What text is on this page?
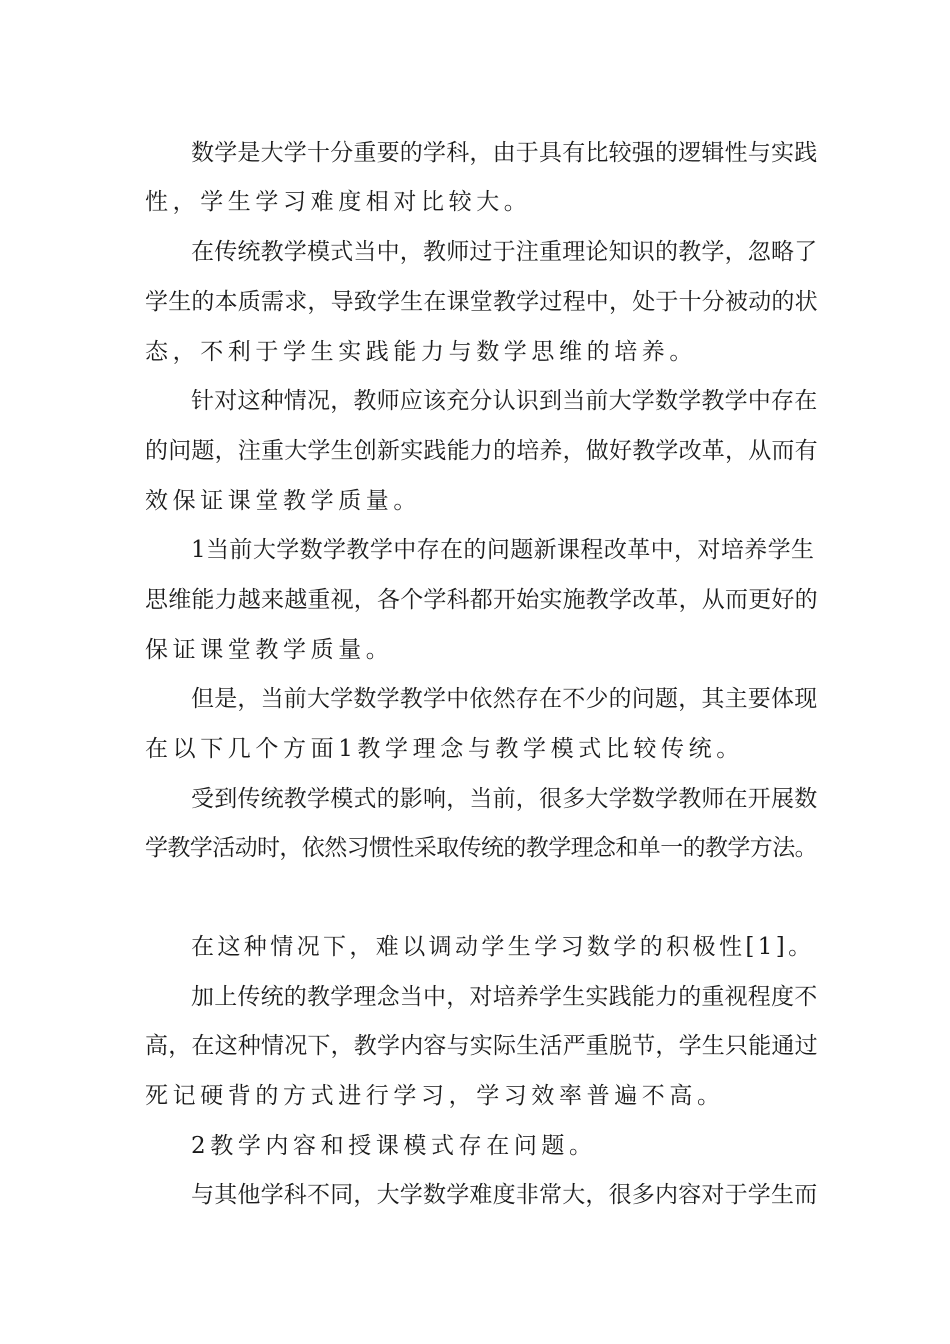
数学是大学十分重要的学科，由于具有比较强的逻辑性与实践

性，学生学习难度相对比较大。

在传统教学模式当中，教师过于注重理论知识的教学，忽略了

学生的本质需求，导致学生在课堂教学过程中，处于十分被动的状

态，不利于学生实践能力与数学思维的培养。

针对这种情况，教师应该充分认识到当前大学数学教学中存在

的问题，注重大学生创新实践能力的培养，做好教学改革，从而有

效保证课堂教学质量。

1当前大学数学教学中存在的问题新课程改革中，对培养学生

思维能力越来越重视，各个学科都开始实施教学改革，从而更好的

保证课堂教学质量。

但是，当前大学数学教学中依然存在不少的问题，其主要体现

在以下几个方面1教学理念与教学模式比较传统。

受到传统教学模式的影响，当前，很多大学数学教师在开展数

学教学活动时，依然习惯性采取传统的教学理念和单一的教学方法。

在这种情况下，难以调动学生学习数学的积极性[1]。

加上传统的教学理念当中，对培养学生实践能力的重视程度不

高，在这种情况下，教学内容与实际生活严重脱节，学生只能通过

死记硬背的方式进行学习，学习效率普遍不高。

2教学内容和授课模式存在问题。

与其他学科不同，大学数学难度非常大，很多内容对于学生而
